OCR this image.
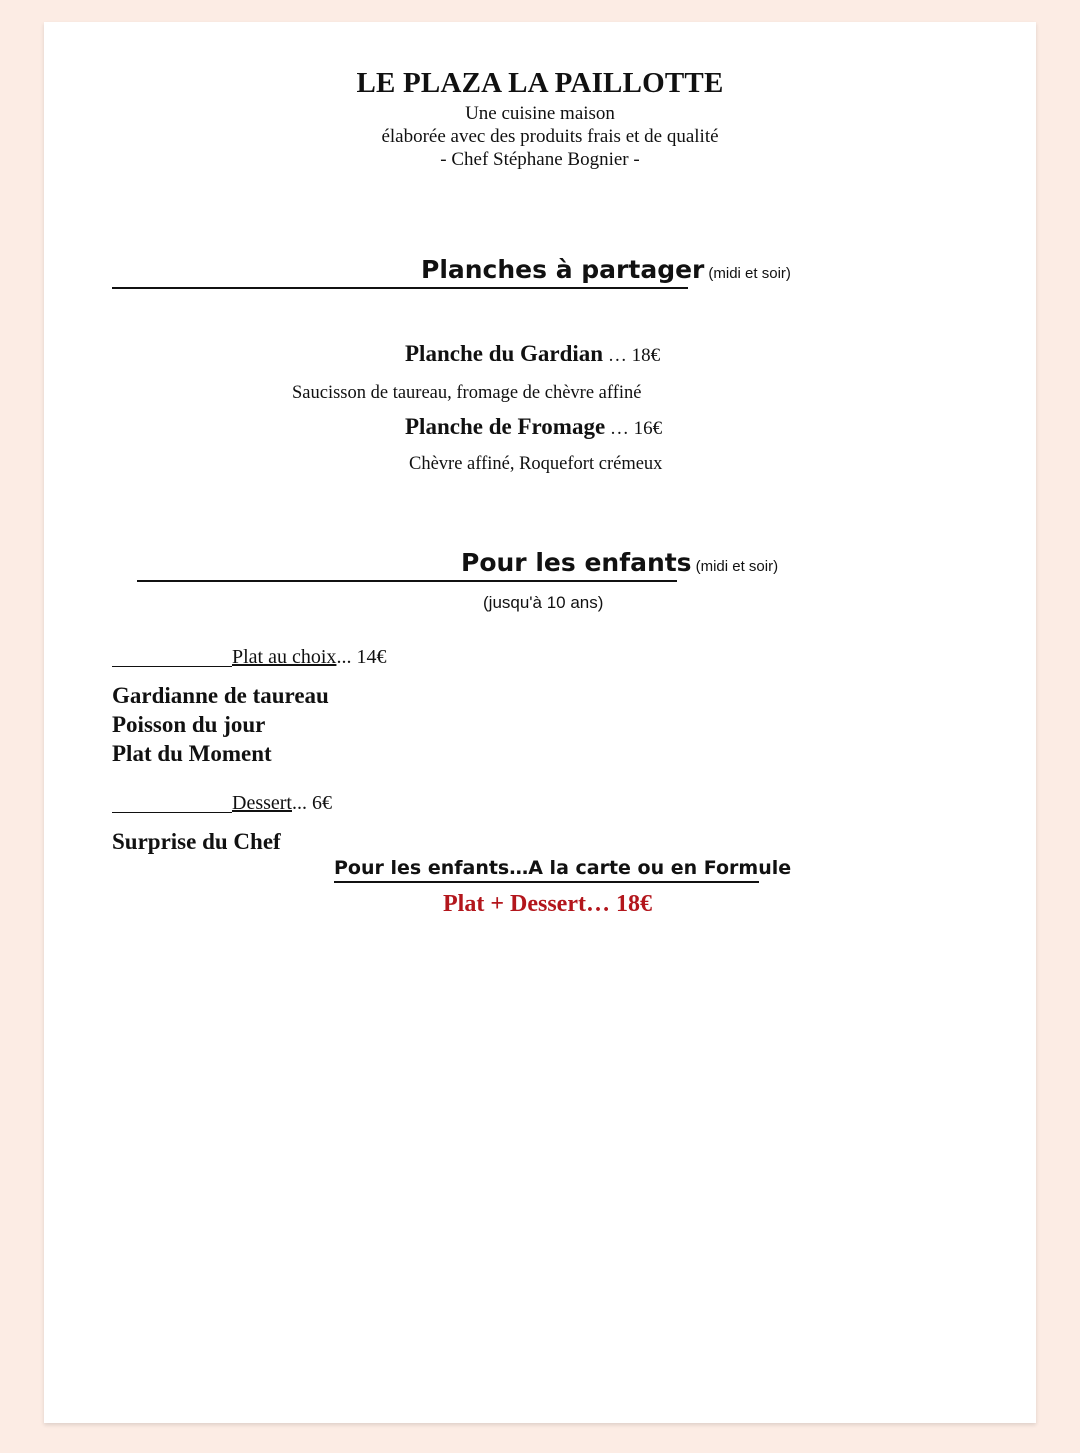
LE PLAZA LA PAILLOTTE
Une cuisine maison
élaborée avec des produits frais et de qualité
- Chef Stéphane Bognier -
Planches à partager (midi et soir)
Planche du Gardian … 18€
Saucisson de taureau, fromage de chèvre affiné
Planche de Fromage … 16€
Chèvre affiné, Roquefort crémeux
Pour les enfants (midi et soir)
(jusqu'à 10 ans)
Plat au choix... 14€
Gardianne de taureau
Poisson du jour
Plat du Moment
Dessert... 6€
Surprise du Chef
Pour les enfants…A la carte ou en Formule
Plat + Dessert… 18€
